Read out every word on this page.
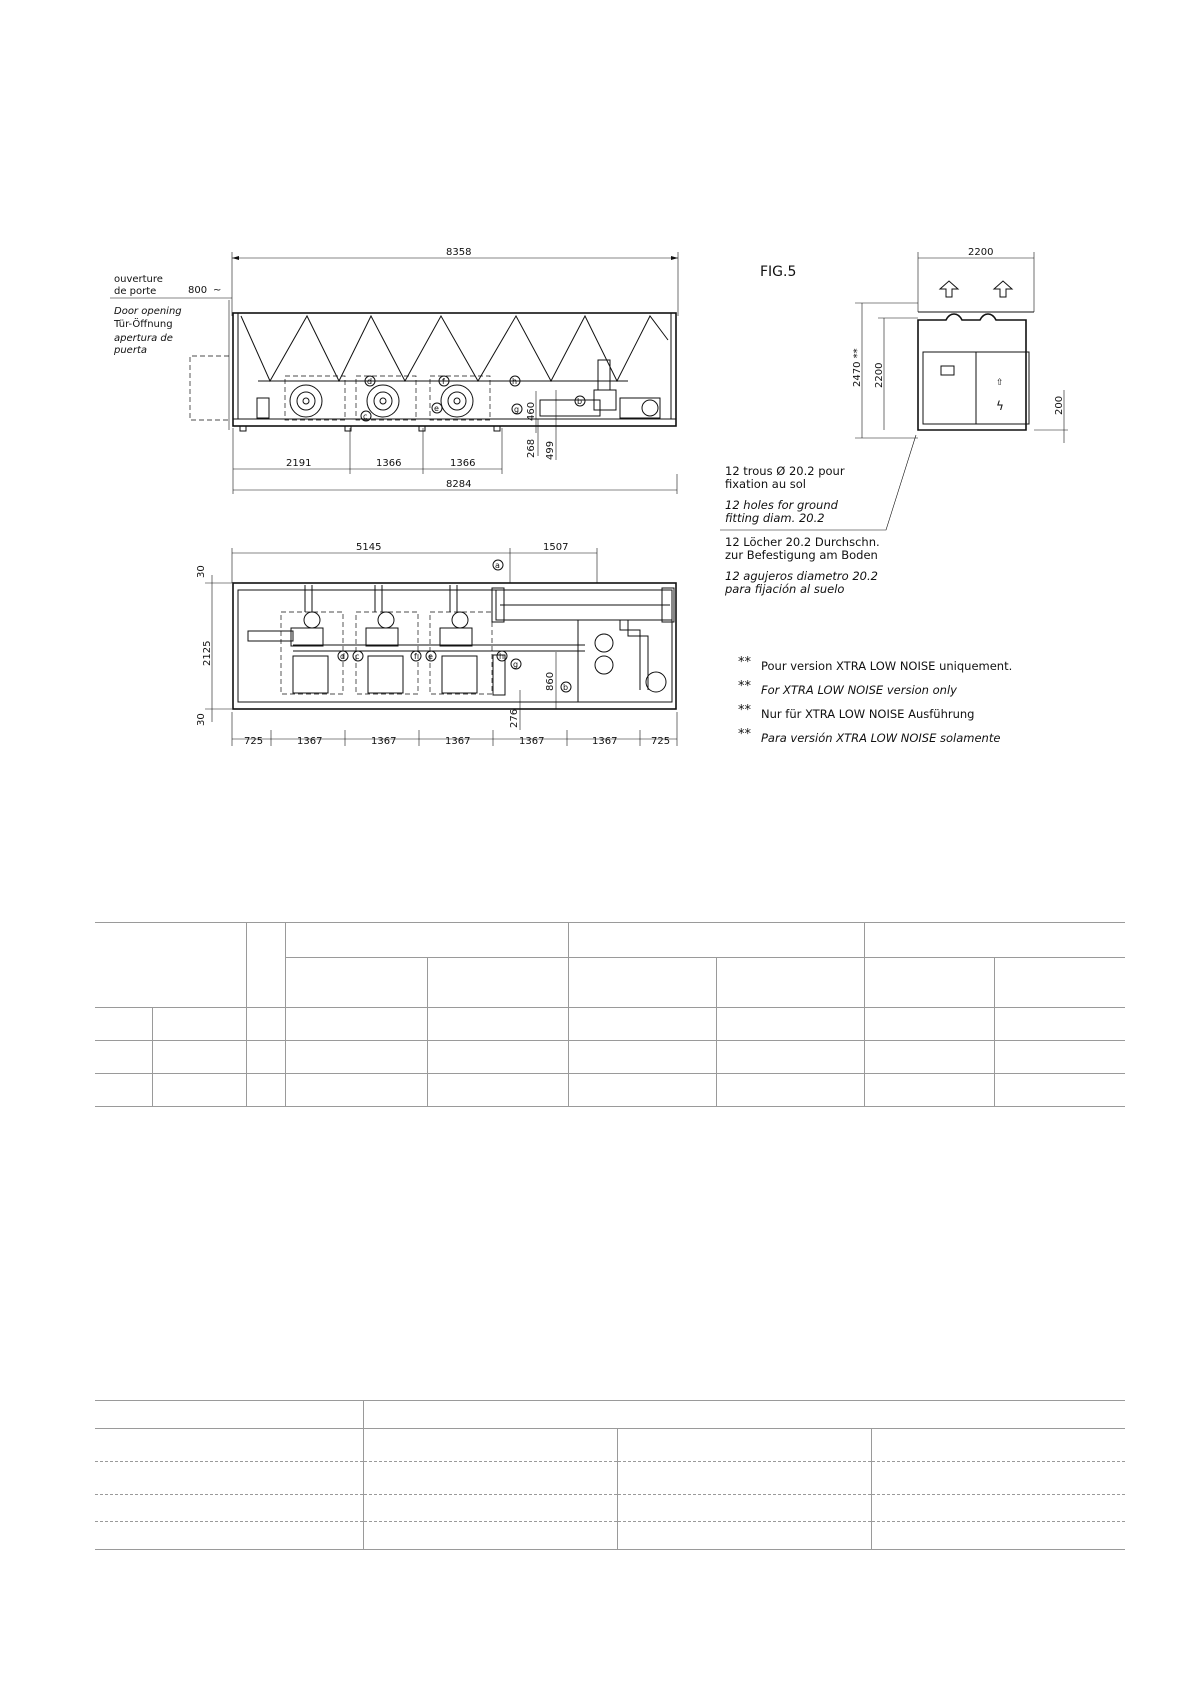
8358
ouverture
de porte
Door opening
Tür-Öffnung
apertura de
puerta
800 ~
d
c
f
e
h
g
b
460
268 499
2191	1366	1366
8284
FIG.5
2200
⇧
ϟ
2470 ** 2200
200
12 trous Ø 20.2 pour
fixation au sol
12 holes for ground
fitting diam. 20.2
12 Löcher 20.2 Durchschn.
zur Befestigung am Boden
12 agujeros diametro 20.2
para fijación al suelo
5145	1507
30
2125
30
a
d c	f e	h
g
b
860
276
725	1367	1367	1367	1367	1367	725
** Pour version XTRA LOW NOISE uniquement.
** For XTRA LOW NOISE version only
** Nur für XTRA LOW NOISE Ausführung
** Para versión XTRA LOW NOISE solamente
